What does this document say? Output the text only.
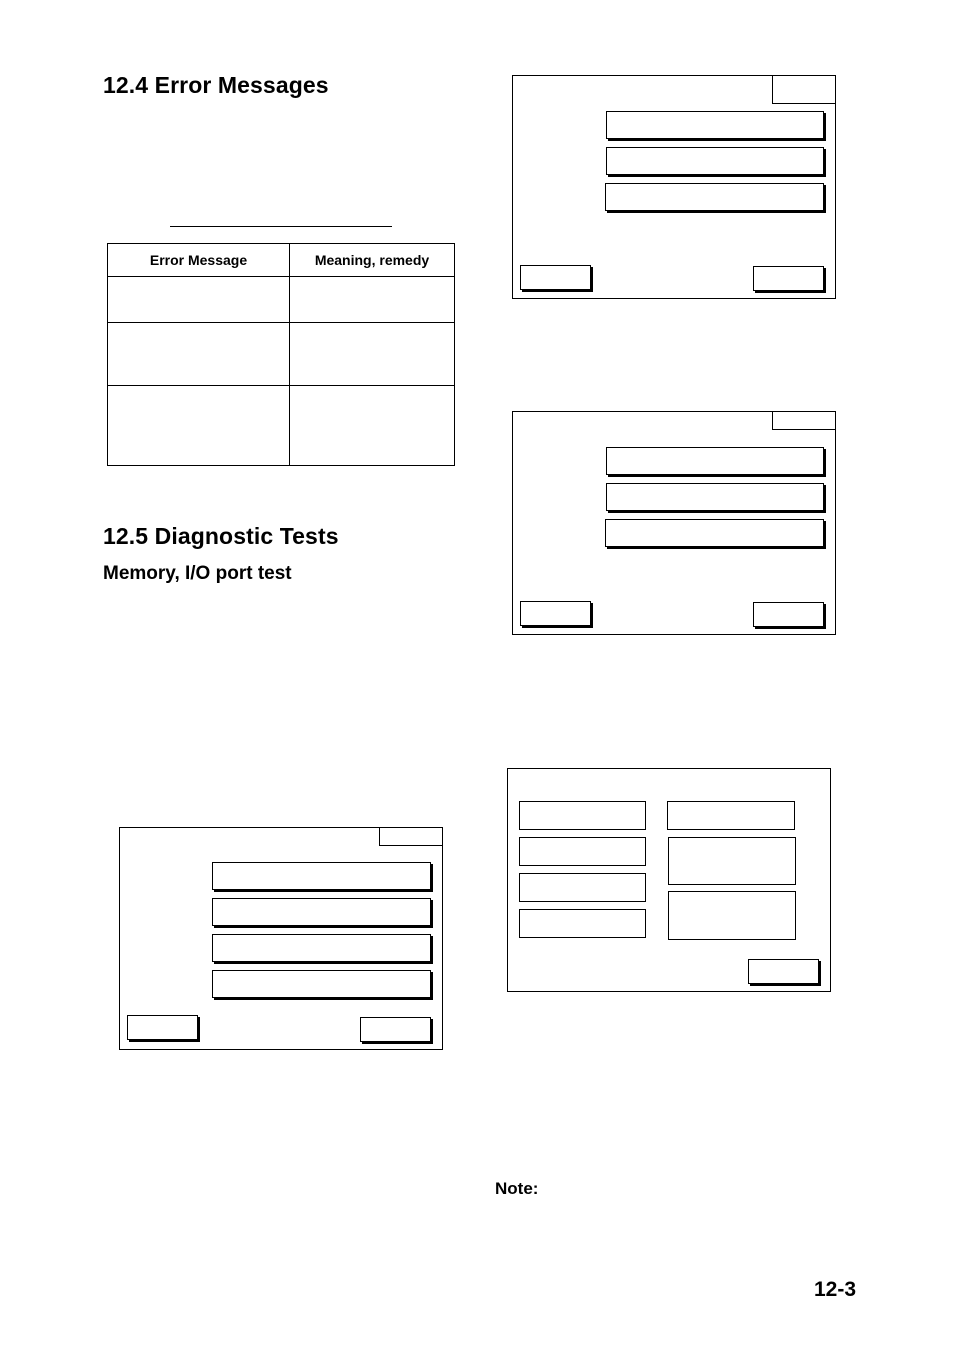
12.4 Error Messages
Error Message	Meaning, remedy

12.5 Diagnostic Tests
Memory, I/O port test
Note:
12-3
